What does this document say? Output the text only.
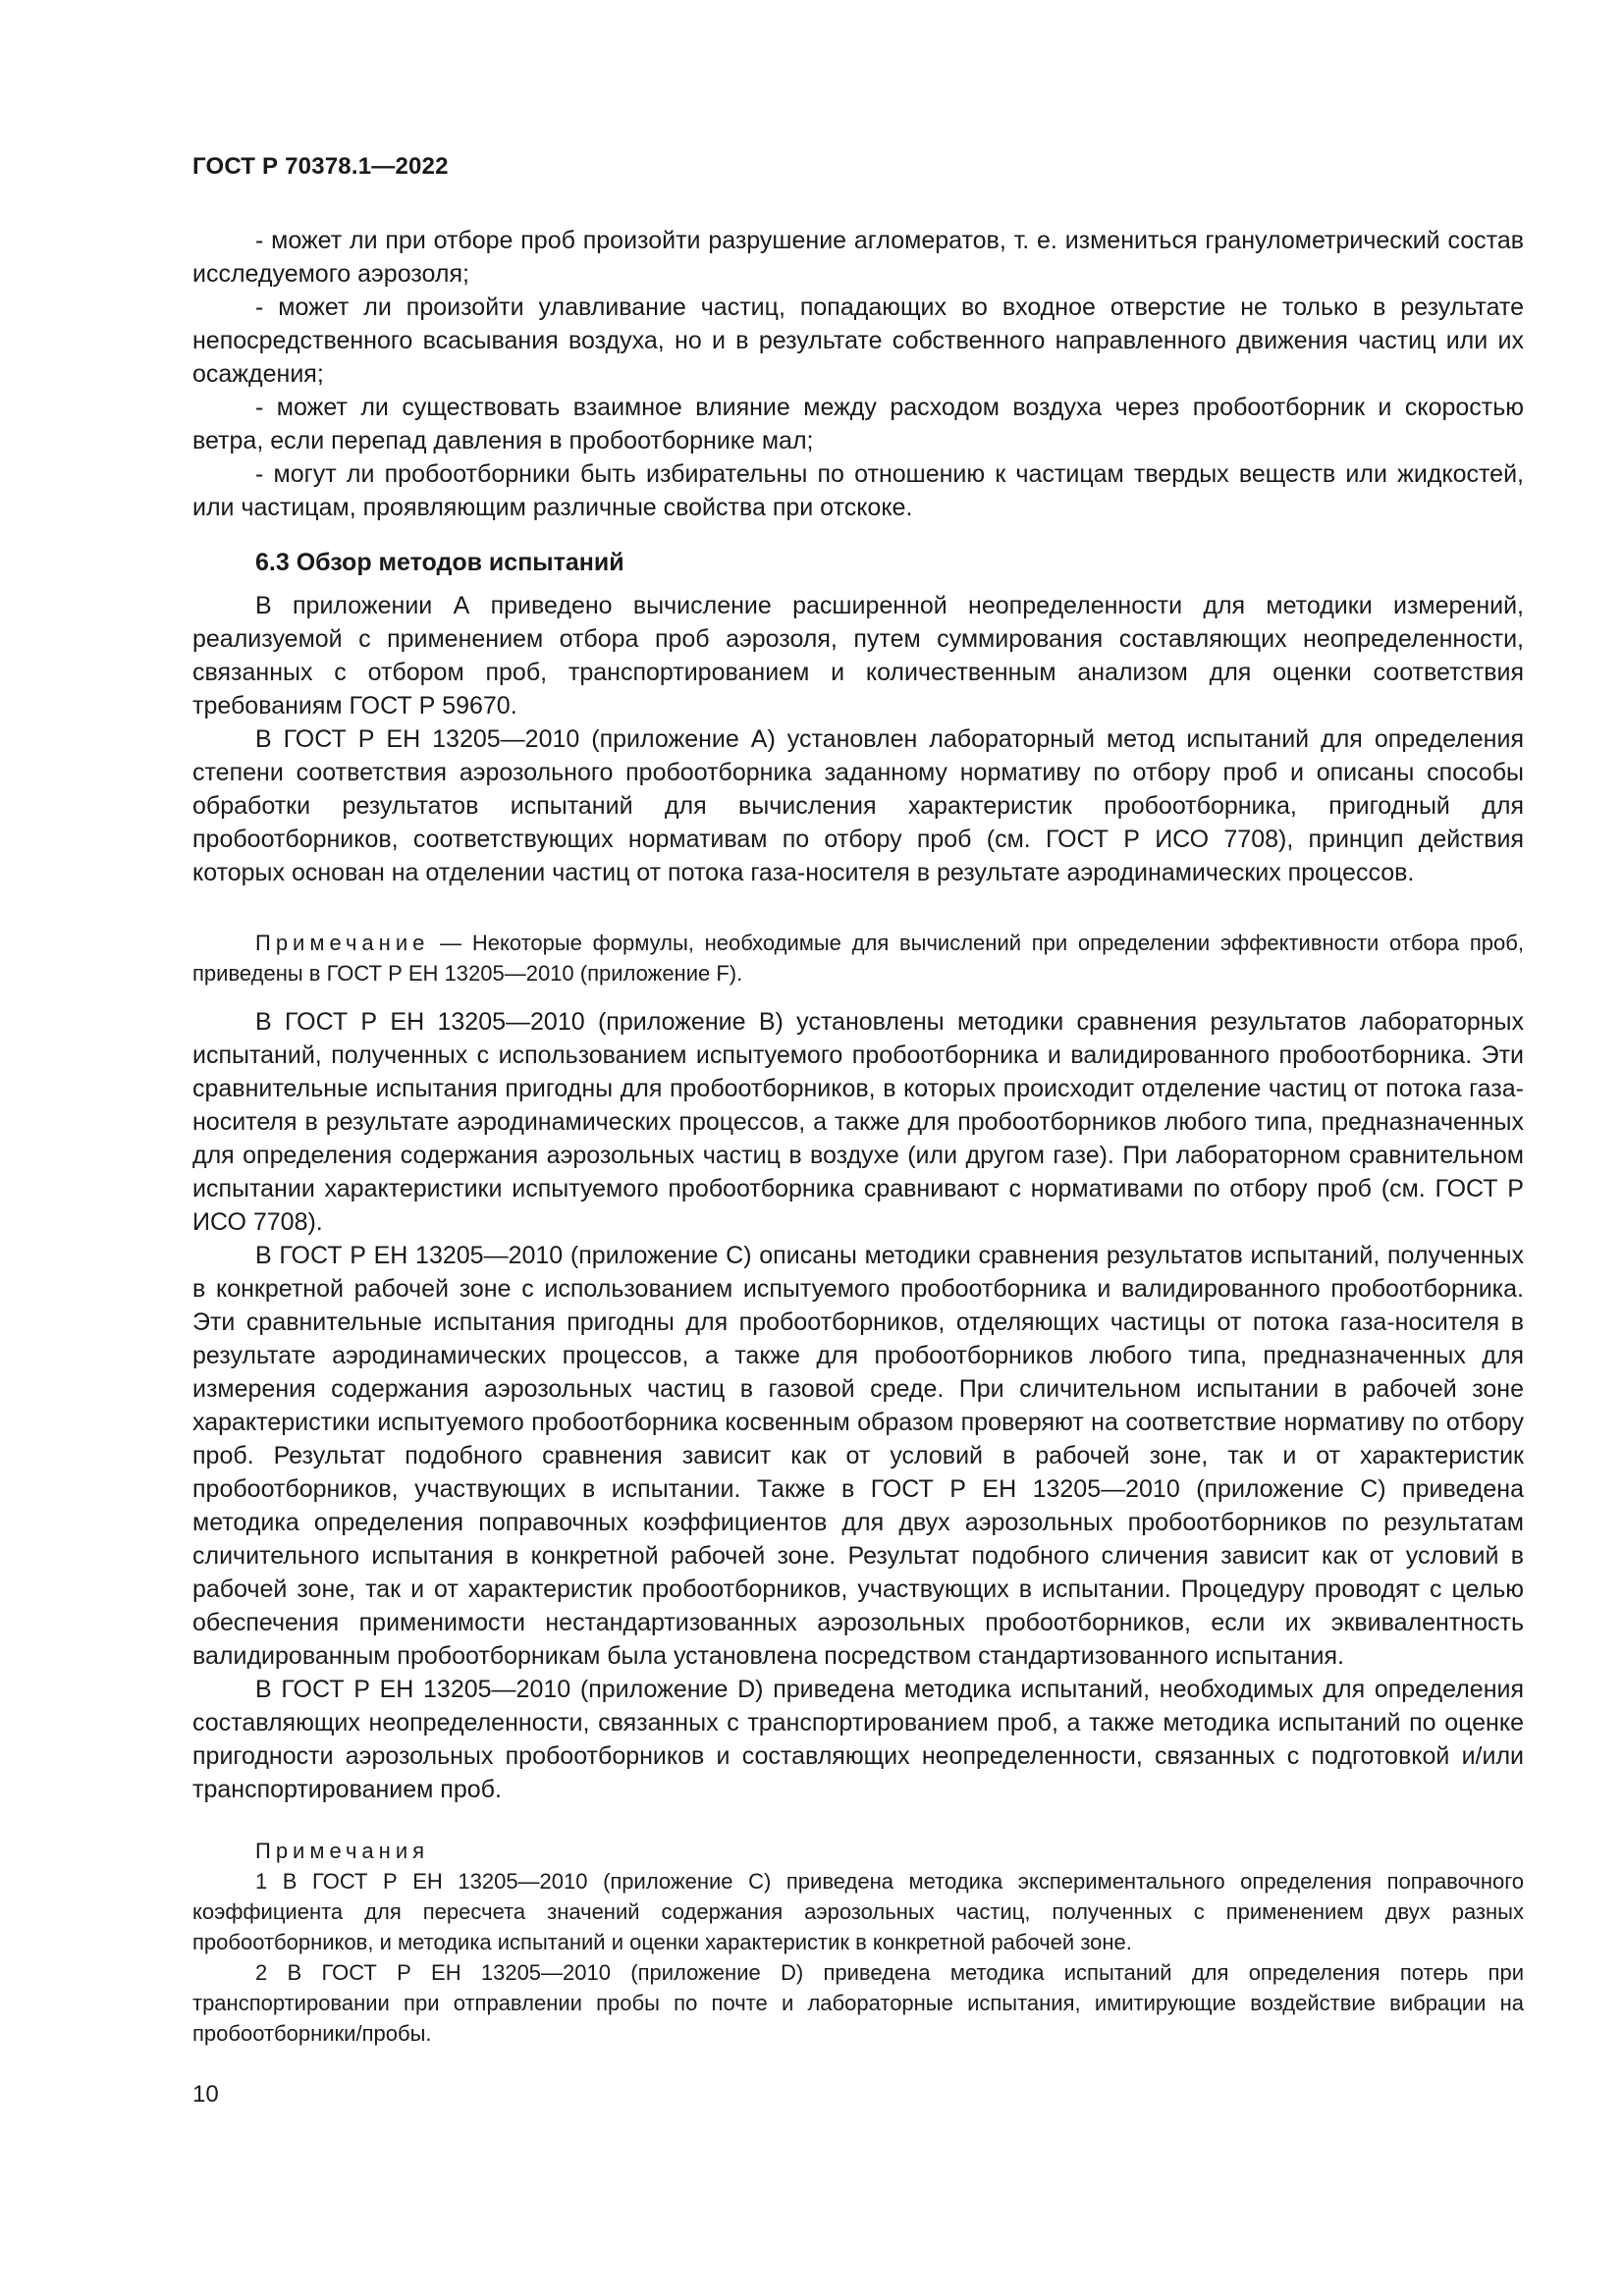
ГОСТ Р 70378.1—2022

- может ли при отборе проб произойти разрушение агломератов, т. е. измениться гранулометрический состав исследуемого аэрозоля;

- может ли произойти улавливание частиц, попадающих во входное отверстие не только в результате непосредственного всасывания воздуха, но и в результате собственного направленного движения частиц или их осаждения;

- может ли существовать взаимное влияние между расходом воздуха через пробоотборник и скоростью ветра, если перепад давления в пробоотборнике мал;

- могут ли пробоотборники быть избирательны по отношению к частицам твердых веществ или жидкостей, или частицам, проявляющим различные свойства при отскоке.

6.3 Обзор методов испытаний

В приложении А приведено вычисление расширенной неопределенности для методики измерений, реализуемой с применением отбора проб аэрозоля, путем суммирования составляющих неопределенности, связанных с отбором проб, транспортированием и количественным анализом для оценки соответствия требованиям ГОСТ Р 59670.

В ГОСТ Р ЕН 13205—2010 (приложение А) установлен лабораторный метод испытаний для определения степени соответствия аэрозольного пробоотборника заданному нормативу по отбору проб и описаны способы обработки результатов испытаний для вычисления характеристик пробоотборника, пригодный для пробоотборников, соответствующих нормативам по отбору проб (см. ГОСТ Р ИСО 7708), принцип действия которых основан на отделении частиц от потока газа-носителя в результате аэродинамических процессов.

Примечание — Некоторые формулы, необходимые для вычислений при определении эффективности отбора проб, приведены в ГОСТ Р ЕН 13205—2010 (приложение F).

В ГОСТ Р ЕН 13205—2010 (приложение В) установлены методики сравнения результатов лабораторных испытаний, полученных с использованием испытуемого пробоотборника и валидированного пробоотборника. Эти сравнительные испытания пригодны для пробоотборников, в которых происходит отделение частиц от потока газа-носителя в результате аэродинамических процессов, а также для пробоотборников любого типа, предназначенных для определения содержания аэрозольных частиц в воздухе (или другом газе). При лабораторном сравнительном испытании характеристики испытуемого пробоотборника сравнивают с нормативами по отбору проб (см. ГОСТ Р ИСО 7708).

В ГОСТ Р ЕН 13205—2010 (приложение С) описаны методики сравнения результатов испытаний, полученных в конкретной рабочей зоне с использованием испытуемого пробоотборника и валидированного пробоотборника. Эти сравнительные испытания пригодны для пробоотборников, отделяющих частицы от потока газа-носителя в результате аэродинамических процессов, а также для пробоотборников любого типа, предназначенных для измерения содержания аэрозольных частиц в газовой среде. При сличительном испытании в рабочей зоне характеристики испытуемого пробоотборника косвенным образом проверяют на соответствие нормативу по отбору проб. Результат подобного сравнения зависит как от условий в рабочей зоне, так и от характеристик пробоотборников, участвующих в испытании. Также в ГОСТ Р ЕН 13205—2010 (приложение С) приведена методика определения поправочных коэффициентов для двух аэрозольных пробоотборников по результатам сличительного испытания в конкретной рабочей зоне. Результат подобного сличения зависит как от условий в рабочей зоне, так и от характеристик пробоотборников, участвующих в испытании. Процедуру проводят с целью обеспечения применимости нестандартизованных аэрозольных пробоотборников, если их эквивалентность валидированным пробоотборникам была установлена посредством стандартизованного испытания.

В ГОСТ Р ЕН 13205—2010 (приложение D) приведена методика испытаний, необходимых для определения составляющих неопределенности, связанных с транспортированием проб, а также методика испытаний по оценке пригодности аэрозольных пробоотборников и составляющих неопределенности, связанных с подготовкой и/или транспортированием проб.

Примечания

1 В ГОСТ Р ЕН 13205—2010 (приложение С) приведена методика экспериментального определения поправочного коэффициента для пересчета значений содержания аэрозольных частиц, полученных с применением двух разных пробоотборников, и методика испытаний и оценки характеристик в конкретной рабочей зоне.

2 В ГОСТ Р ЕН 13205—2010 (приложение D) приведена методика испытаний для определения потерь при транспортировании при отправлении пробы по почте и лабораторные испытания, имитирующие воздействие вибрации на пробоотборники/пробы.

10
